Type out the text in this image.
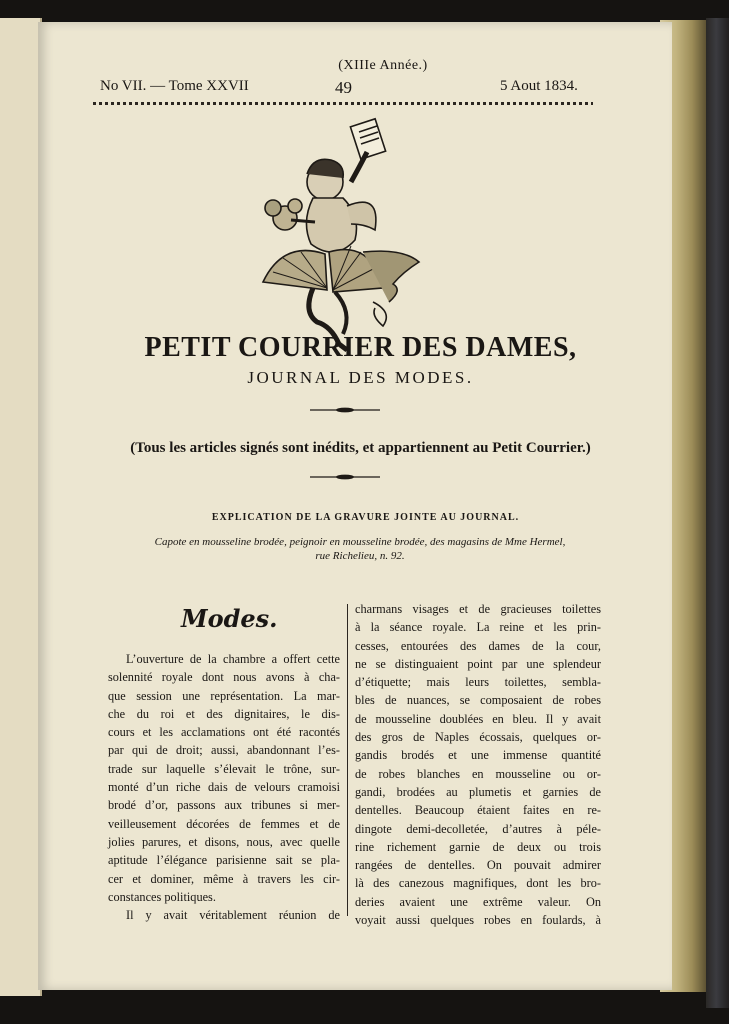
(XIIIe Année.)
No VII. — Tome XXVII	49	5 Aout 1834.
PETIT COURRIER DES DAMES,
JOURNAL DES MODES.
(Tous les articles signés sont inédits, et appartiennent au Petit Courrier.)
EXPLICATION DE LA GRAVURE JOINTE AU JOURNAL.
Capote en mousseline brodée, peignoir en mousseline brodée, des magasins de Mme Hermel,
rue Richelieu, n. 92.
Modes.
L’ouverture de la chambre a offert cette
solennité royale dont nous avons à cha-
que session une représentation. La mar-
che du roi et des dignitaires, le dis-
cours et les acclamations ont été racontés
par qui de droit; aussi, abandonnant l’es-
trade sur laquelle s’élevait le trône, sur-
monté d’un riche dais de velours cramoisi
brodé d’or, passons aux tribunes si mer-
veilleusement décorées de femmes et de
jolies parures, et disons, nous, avec quelle
aptitude l’élégance parisienne sait se pla-
cer et dominer, même à travers les cir-
constances politiques.
Il y avait véritablement réunion de
charmans visages et de gracieuses toilettes
à la séance royale. La reine et les prin-
cesses, entourées des dames de la cour,
ne se distinguaient point par une splendeur
d’étiquette; mais leurs toilettes, sembla-
bles de nuances, se composaient de robes
de mousseline doublées en bleu. Il y avait
des gros de Naples écossais, quelques or-
gandis brodés et une immense quantité
de robes blanches en mousseline ou or-
gandi, brodées au plumetis et garnies de
dentelles. Beaucoup étaient faites en re-
dingote demi-decolletée, d’autres à péle-
rine richement garnie de deux ou trois
rangées de dentelles. On pouvait admirer
là des canezous magnifiques, dont les bro-
deries avaient une extrême valeur. On
voyait aussi quelques robes en foulards, à
